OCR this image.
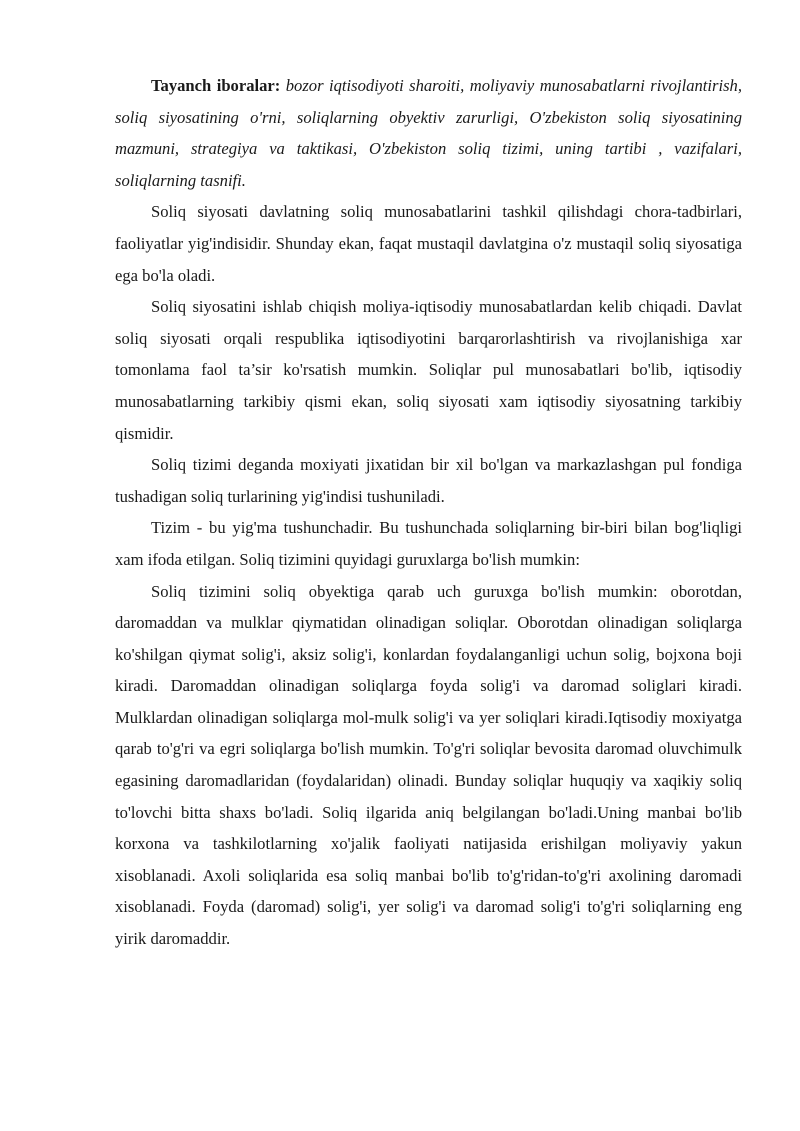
Tayanch iboralar: bozor iqtisodiyoti sharoiti, moliyaviy munosabatlarni rivojlantirish, soliq siyosatining o'rni, soliqlarning obyektiv zarurligi, O'zbekiston soliq siyosatining mazmuni, strategiya va taktikasi, O'zbekiston soliq tizimi, uning tartibi , vazifalari, soliqlarning tasnifi.

Soliq siyosati davlatning soliq munosabatlarini tashkil qilishdagi chora-tadbirlari, faoliyatlar yig'indisidir. Shunday ekan, faqat mustaqil davlatgina o'z mustaqil soliq siyosatiga ega bo'la oladi.

Soliq siyosatini ishlab chiqish moliya-iqtisodiy munosabatlardan kelib chiqadi. Davlat soliq siyosati orqali respublika iqtisodiyotini barqarorlashtirish va rivojlanishiga xar tomonlama faol ta’sir ko'rsatish mumkin. Soliqlar pul munosabatlari bo'lib, iqtisodiy munosabatlarning tarkibiy qismi ekan, soliq siyosati xam iqtisodiy siyosatning tarkibiy qismidir.

Soliq tizimi deganda moxiyati jixatidan bir xil bo'lgan va markazlashgan pul fondiga tushadigan soliq turlarining yig'indisi tushuniladi.

Tizim - bu yig'ma tushunchadir. Bu tushunchada soliqlarning bir-biri bilan bog'liqligi xam ifoda etilgan. Soliq tizimini quyidagi guruxlarga bo'lish mumkin:

Soliq tizimini soliq obyektiga qarab uch guruxga bo'lish mumkin: oborotdan, daromaddan va mulklar qiymatidan olinadigan soliqlar. Oborotdan olinadigan soliqlarga ko'shilgan qiymat solig'i, aksiz solig'i, konlardan foydalanganligi uchun solig, bojxona boji kiradi. Daromaddan olinadigan soliqlarga foyda solig'i va daromad soliglari kiradi. Mulklardan olinadigan soliqlarga mol-mulk solig'i va yer soliqlari kiradi.Iqtisodiy moxiyatga qarab to'g'ri va egri soliqlarga bo'lish mumkin. To'g'ri soliqlar bevosita daromad oluvchimulk egasining daromadlaridan (foydalaridan) olinadi. Bunday soliqlar huquqiy va xaqikiy soliq to'lovchi bitta shaxs bo'ladi. Soliq ilgarida aniq belgilangan bo'ladi.Uning manbai bo'lib korxona va tashkilotlarning xo'jalik faoliyati natijasida erishilgan moliyaviy yakun xisoblanadi. Axoli soliqlarida esa soliq manbai bo'lib to'g'ridan-to'g'ri axolining daromadi xisoblanadi. Foyda (daromad) solig'i, yer solig'i va daromad solig'i to'g'ri soliqlarning eng yirik daromaddir.
